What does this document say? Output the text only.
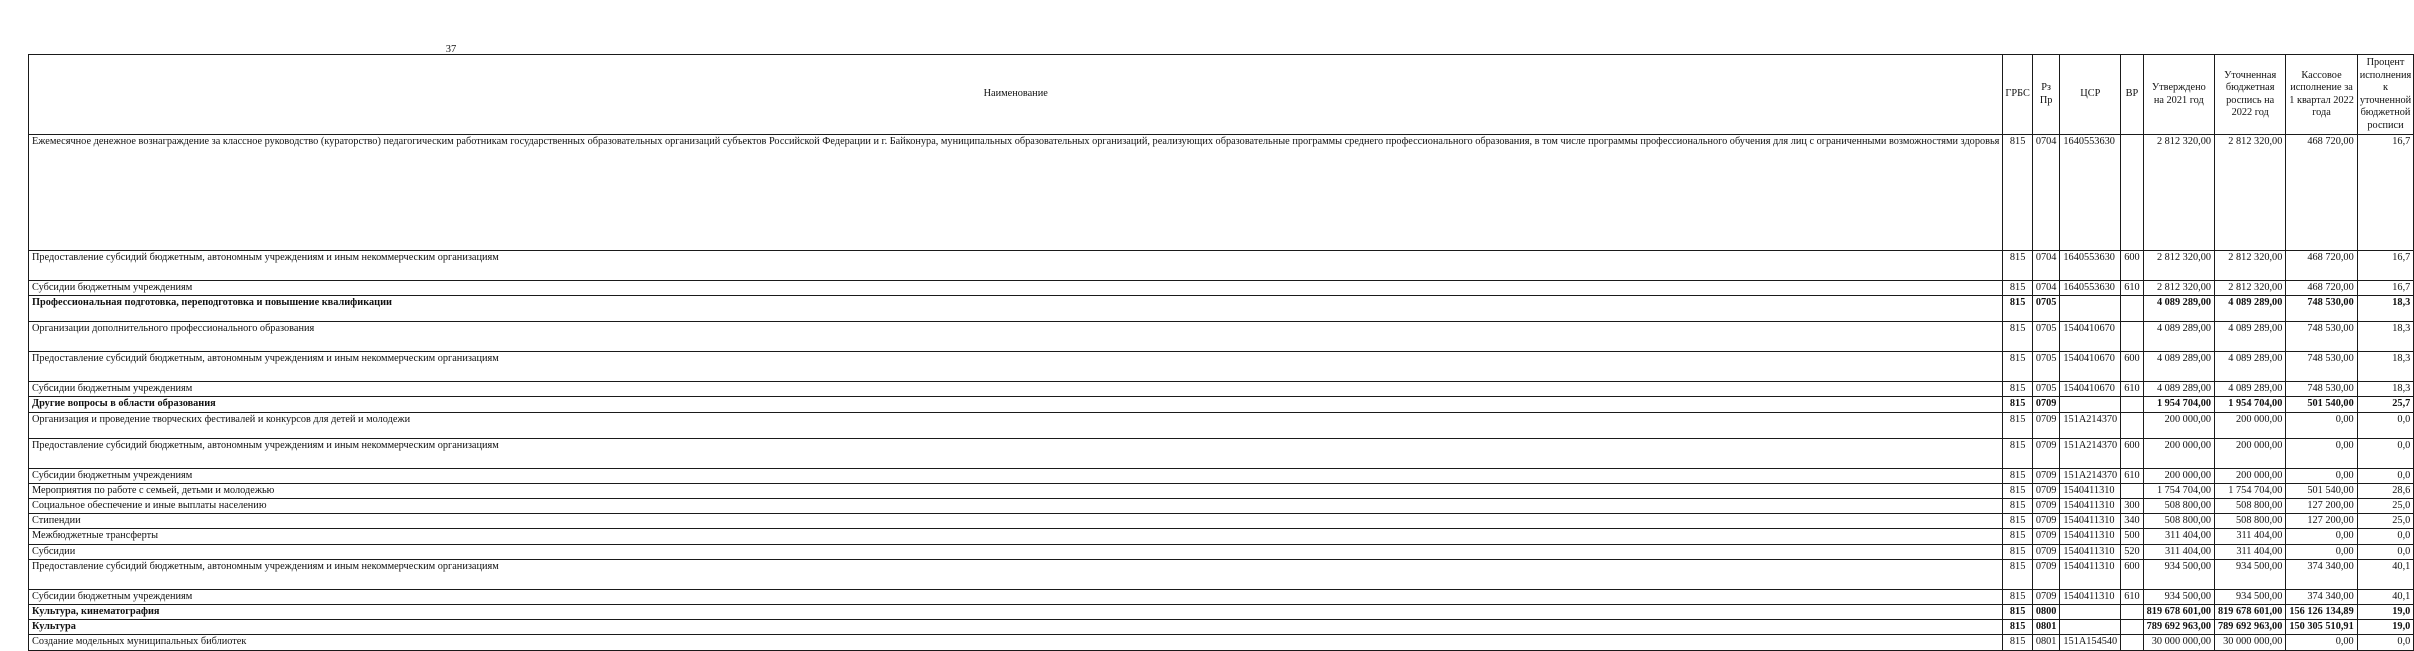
37
Наименование	ГРБС	Рз Пр	ЦСР	ВР	Утверждено на 2021 год	Уточненная бюджетная роспись на 2022 год	Кассовое исполнение за 1 квартал 2022 года	Процент исполнения к уточненной бюджетной росписи
Ежемесячное денежное вознаграждение за классное руководство (кураторство) педагогическим работникам государственных образовательных организаций субъектов Российской Федерации и г. Байконура, муниципальных образовательных организаций, реализующих образовательные программы среднего профессионального образования, в том числе программы профессионального обучения для лиц с ограниченными возможностями здоровья	815	0704	1640553630		2 812 320,00	2 812 320,00	468 720,00	16,7
Предоставление субсидий бюджетным, автономным учреждениям и иным некоммерческим организациям	815	0704	1640553630	600	2 812 320,00	2 812 320,00	468 720,00	16,7
Субсидии бюджетным учреждениям	815	0704	1640553630	610	2 812 320,00	2 812 320,00	468 720,00	16,7
Профессиональная подготовка, переподготовка и повышение квалификации	815	0705			4 089 289,00	4 089 289,00	748 530,00	18,3
Организации дополнительного профессионального образования	815	0705	1540410670		4 089 289,00	4 089 289,00	748 530,00	18,3
Предоставление субсидий бюджетным, автономным учреждениям и иным некоммерческим организациям	815	0705	1540410670	600	4 089 289,00	4 089 289,00	748 530,00	18,3
Субсидии бюджетным учреждениям	815	0705	1540410670	610	4 089 289,00	4 089 289,00	748 530,00	18,3
Другие вопросы в области образования	815	0709			1 954 704,00	1 954 704,00	501 540,00	25,7
Организация и проведение творческих фестивалей и конкурсов для детей и молодежи	815	0709	151A214370		200 000,00	200 000,00	0,00	0,0
Предоставление субсидий бюджетным, автономным учреждениям и иным некоммерческим организациям	815	0709	151A214370	600	200 000,00	200 000,00	0,00	0,0
Субсидии бюджетным учреждениям	815	0709	151A214370	610	200 000,00	200 000,00	0,00	0,0
Мероприятия по работе с семьей, детьми и молодежью	815	0709	1540411310		1 754 704,00	1 754 704,00	501 540,00	28,6
Социальное обеспечение и иные выплаты населению	815	0709	1540411310	300	508 800,00	508 800,00	127 200,00	25,0
Стипендии	815	0709	1540411310	340	508 800,00	508 800,00	127 200,00	25,0
Межбюджетные трансферты	815	0709	1540411310	500	311 404,00	311 404,00	0,00	0,0
Субсидии	815	0709	1540411310	520	311 404,00	311 404,00	0,00	0,0
Предоставление субсидий бюджетным, автономным учреждениям и иным некоммерческим организациям	815	0709	1540411310	600	934 500,00	934 500,00	374 340,00	40,1
Субсидии бюджетным учреждениям	815	0709	1540411310	610	934 500,00	934 500,00	374 340,00	40,1
Культура, кинематография	815	0800			819 678 601,00	819 678 601,00	156 126 134,89	19,0
Культура	815	0801			789 692 963,00	789 692 963,00	150 305 510,91	19,0
Создание модельных муниципальных библиотек	815	0801	151A154540		30 000 000,00	30 000 000,00	0,00	0,0
